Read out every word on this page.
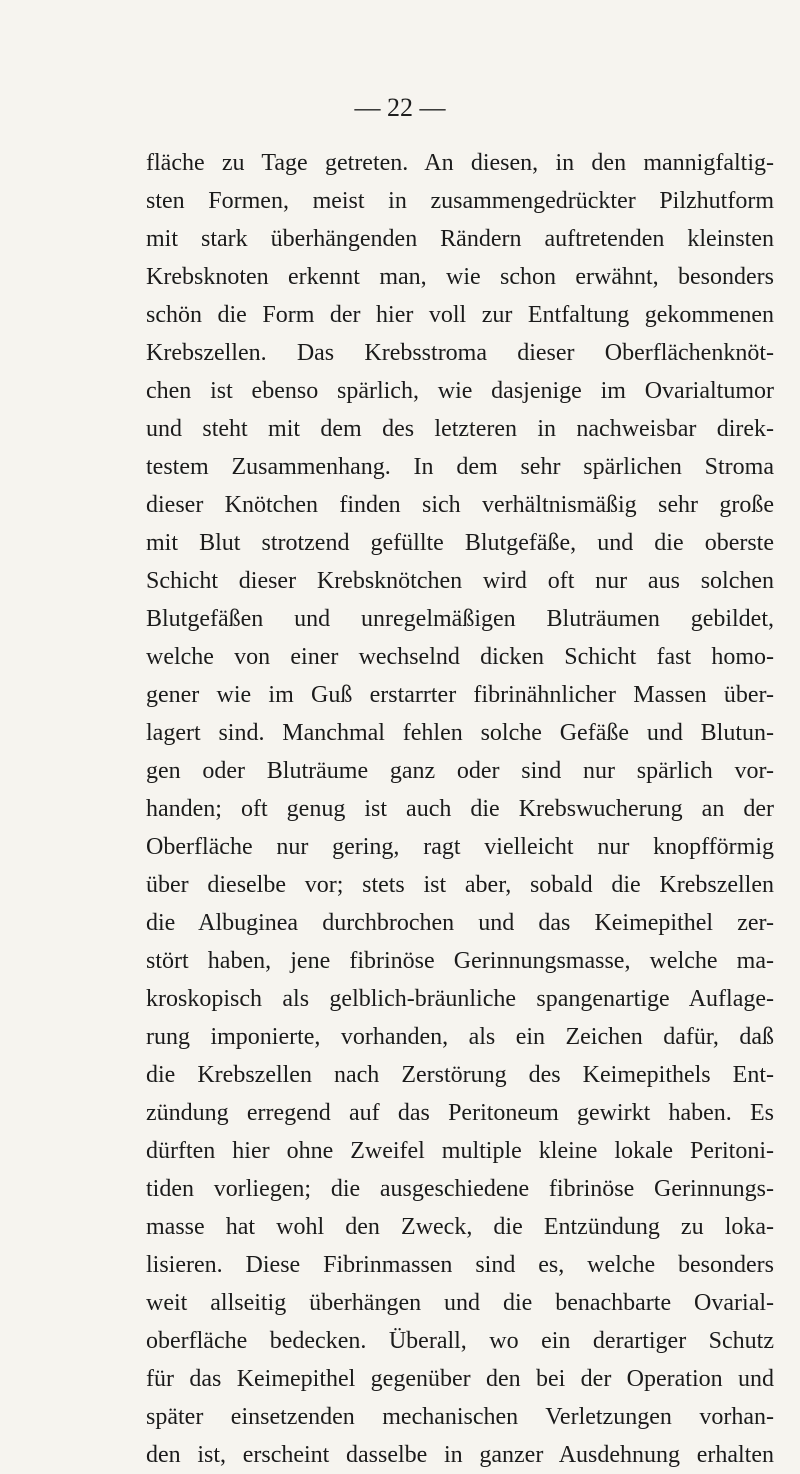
— 22 —
fläche zu Tage getreten. An diesen, in den mannigfaltig-
sten Formen, meist in zusammengedrückter Pilzhutform
mit stark überhängenden Rändern auftretenden kleinsten
Krebsknoten erkennt man, wie schon erwähnt, besonders
schön die Form der hier voll zur Entfaltung gekommenen
Krebszellen. Das Krebsstroma dieser Oberflächenknöt-
chen ist ebenso spärlich, wie dasjenige im Ovarialtumor
und steht mit dem des letzteren in nachweisbar direk-
testem Zusammenhang. In dem sehr spärlichen Stroma
dieser Knötchen finden sich verhältnismäßig sehr große
mit Blut strotzend gefüllte Blutgefäße, und die oberste
Schicht dieser Krebsknötchen wird oft nur aus solchen
Blutgefäßen und unregelmäßigen Bluträumen gebildet,
welche von einer wechselnd dicken Schicht fast homo-
gener wie im Guß erstarrter fibrinähnlicher Massen über-
lagert sind. Manchmal fehlen solche Gefäße und Blutun-
gen oder Bluträume ganz oder sind nur spärlich vor-
handen; oft genug ist auch die Krebswucherung an der
Oberfläche nur gering, ragt vielleicht nur knopfförmig
über dieselbe vor; stets ist aber, sobald die Krebszellen
die Albuginea durchbrochen und das Keimepithel zer-
stört haben, jene fibrinöse Gerinnungsmasse, welche ma-
kroskopisch als gelblich-bräunliche spangenartige Auflage-
rung imponierte, vorhanden, als ein Zeichen dafür, daß
die Krebszellen nach Zerstörung des Keimepithels Ent-
zündung erregend auf das Peritoneum gewirkt haben. Es
dürften hier ohne Zweifel multiple kleine lokale Peritoni-
tiden vorliegen; die ausgeschiedene fibrinöse Gerinnungs-
masse hat wohl den Zweck, die Entzündung zu loka-
lisieren. Diese Fibrinmassen sind es, welche besonders
weit allseitig überhängen und die benachbarte Ovarial-
oberfläche bedecken. Überall, wo ein derartiger Schutz
für das Keimepithel gegenüber den bei der Operation und
später einsetzenden mechanischen Verletzungen vorhan-
den ist, erscheint dasselbe in ganzer Ausdehnung erhalten
